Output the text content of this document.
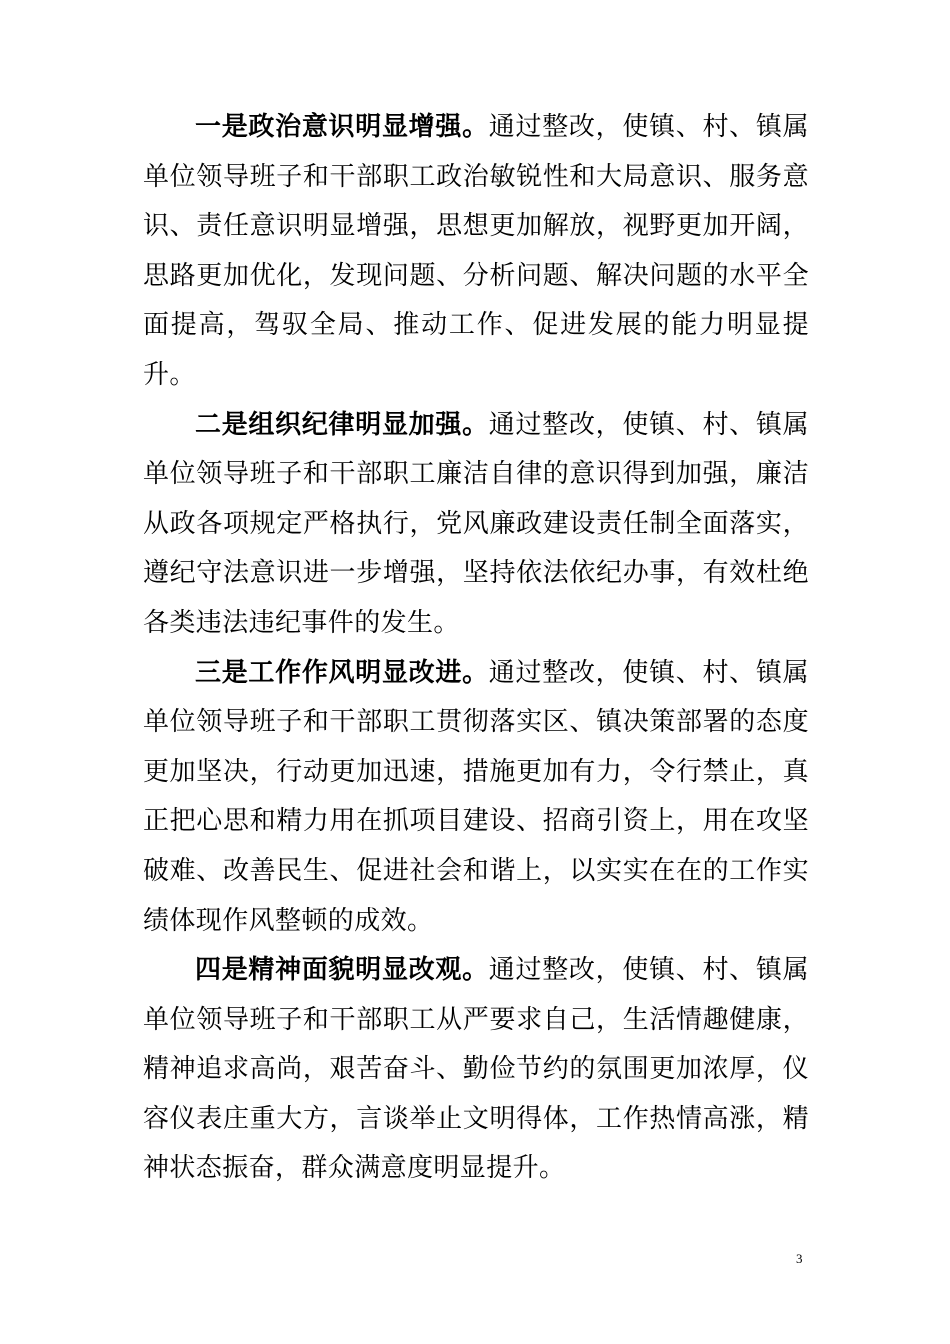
一是政治意识明显增强。通过整改，使镇、村、镇属单位领导班子和干部职工政治敏锐性和大局意识、服务意识、责任意识明显增强，思想更加解放，视野更加开阔，思路更加优化，发现问题、分析问题、解决问题的水平全面提高，驾驭全局、推动工作、促进发展的能力明显提升。

二是组织纪律明显加强。通过整改，使镇、村、镇属单位领导班子和干部职工廉洁自律的意识得到加强，廉洁从政各项规定严格执行，党风廉政建设责任制全面落实，遵纪守法意识进一步增强，坚持依法依纪办事，有效杜绝各类违法违纪事件的发生。

三是工作作风明显改进。通过整改，使镇、村、镇属单位领导班子和干部职工贯彻落实区、镇决策部署的态度更加坚决，行动更加迅速，措施更加有力，令行禁止，真正把心思和精力用在抓项目建设、招商引资上，用在攻坚破难、改善民生、促进社会和谐上，以实实在在的工作实绩体现作风整顿的成效。

四是精神面貌明显改观。通过整改，使镇、村、镇属单位领导班子和干部职工从严要求自己，生活情趣健康，精神追求高尚，艰苦奋斗、勤俭节约的氛围更加浓厚，仪容仪表庄重大方，言谈举止文明得体，工作热情高涨，精神状态振奋，群众满意度明显提升。

3
